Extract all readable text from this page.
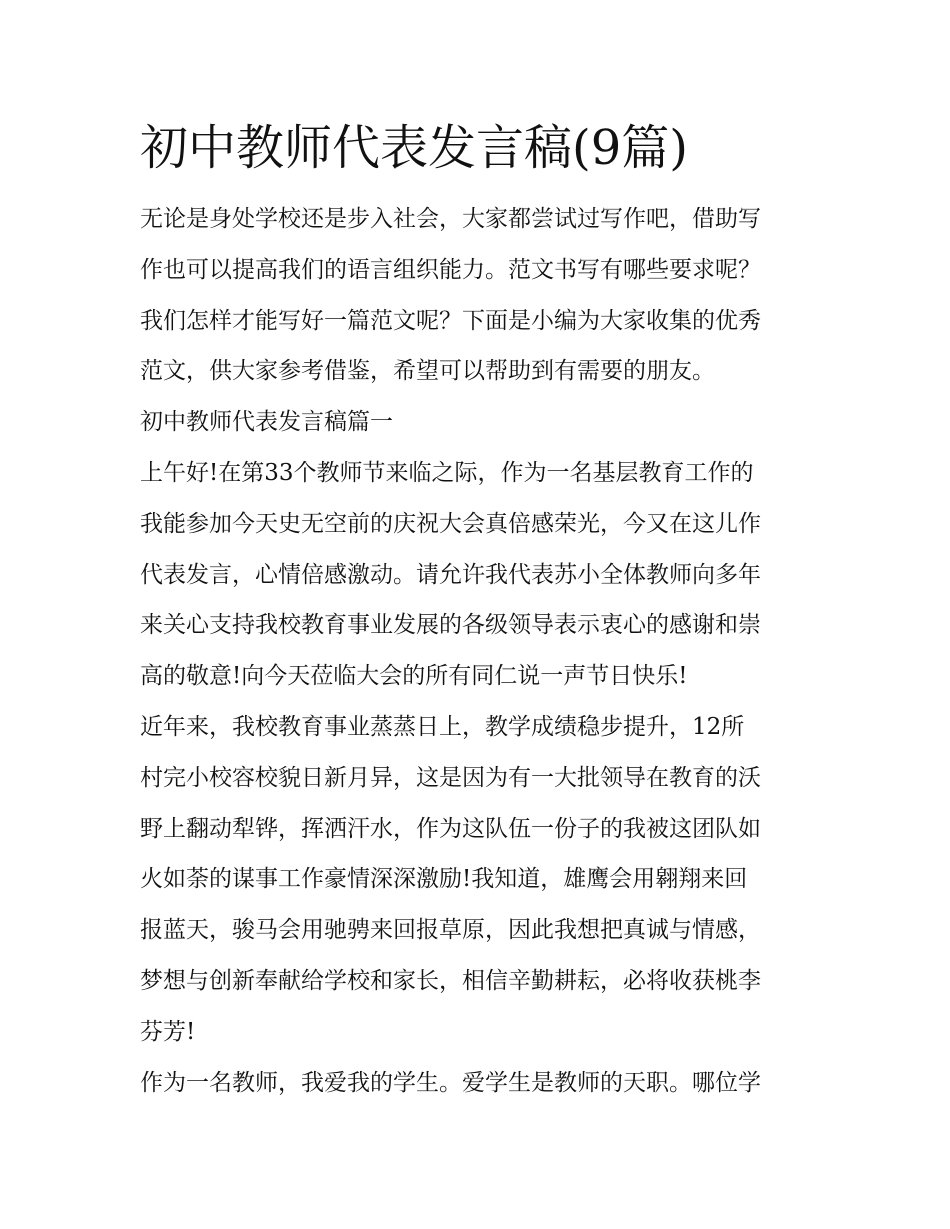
初中教师代表发言稿(9篇)

无论是身处学校还是步入社会，大家都尝试过写作吧，借助写
作也可以提高我们的语言组织能力。范文书写有哪些要求呢？
我们怎样才能写好一篇范文呢？下面是小编为大家收集的优秀
范文，供大家参考借鉴，希望可以帮助到有需要的朋友。

初中教师代表发言稿篇一

上午好!在第33个教师节来临之际，作为一名基层教育工作的
我能参加今天史无空前的庆祝大会真倍感荣光，今又在这儿作
代表发言，心情倍感激动。请允许我代表苏小全体教师向多年
来关心支持我校教育事业发展的各级领导表示衷心的感谢和崇
高的敬意!向今天莅临大会的所有同仁说一声节日快乐!

近年来，我校教育事业蒸蒸日上，教学成绩稳步提升，12所
村完小校容校貌日新月异，这是因为有一大批领导在教育的沃
野上翻动犁铧，挥洒汗水，作为这队伍一份子的我被这团队如
火如荼的谋事工作豪情深深激励!我知道，雄鹰会用翱翔来回
报蓝天，骏马会用驰骋来回报草原，因此我想把真诚与情感，
梦想与创新奉献给学校和家长，相信辛勤耕耘，必将收获桃李
芬芳!

作为一名教师，我爱我的学生。爱学生是教师的天职。哪位学
